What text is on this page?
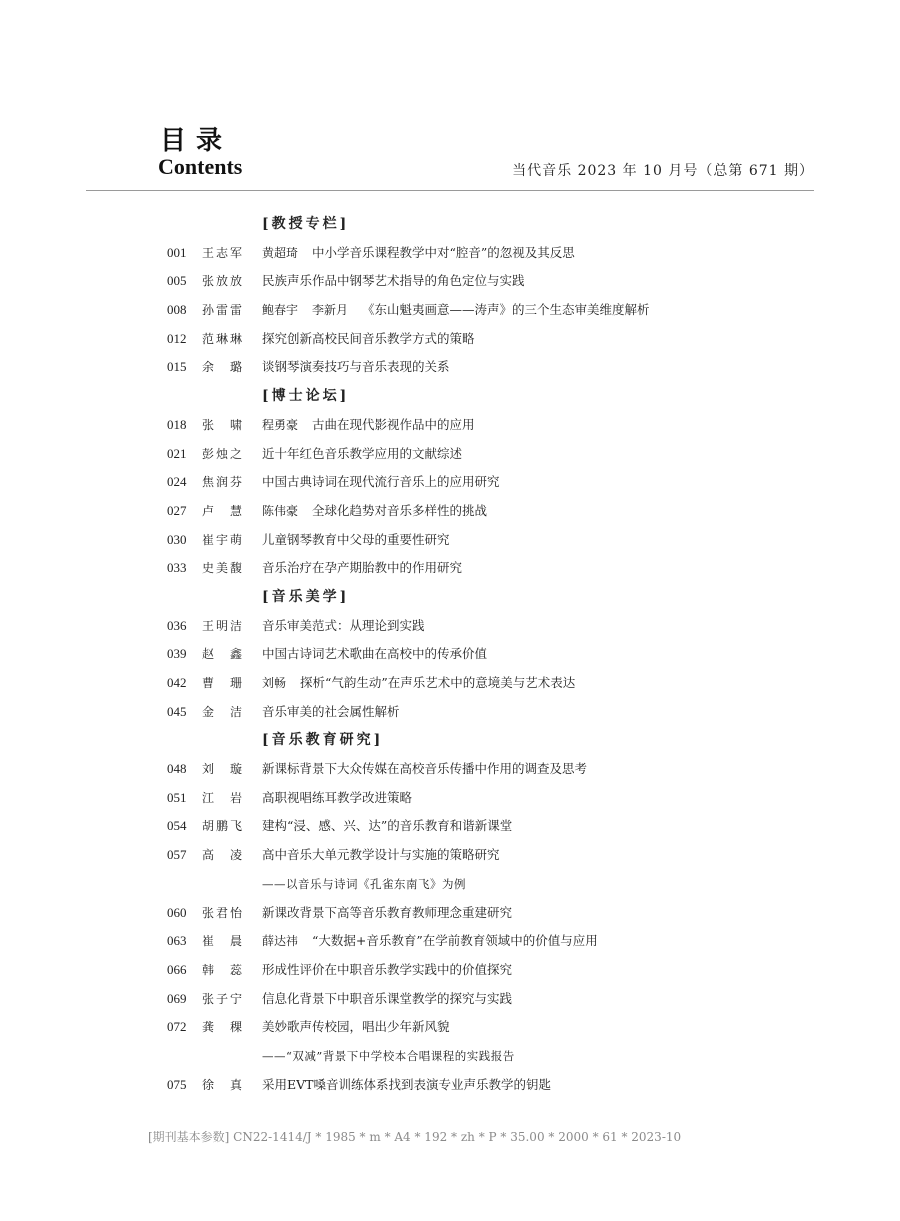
目录
Contents	当代音乐 2023 年 10 月号（总第 671 期）
[教授专栏]
001 王志军 黄超琦 中小学音乐课程教学中对“腔音”的忽视及其反思
005 张放放 民族声乐作品中钢琴艺术指导的角色定位与实践
008 孙雷雷 鲍春宇 李新月 《东山魁夷画意——涛声》的三个生态审美维度解析
012 范琳琳 探究创新高校民间音乐教学方式的策略
015 余璐 谈钢琴演奏技巧与音乐表现的关系
[博士论坛]
018 张啸 程勇豪 古曲在现代影视作品中的应用
021 彭烛之 近十年红色音乐教学应用的文献综述
024 焦润芬 中国古典诗词在现代流行音乐上的应用研究
027 卢慧 陈伟豪 全球化趋势对音乐多样性的挑战
030 崔宇萌 儿童钢琴教育中父母的重要性研究
033 史美馥 音乐治疗在孕产期胎教中的作用研究
[音乐美学]
036 王明洁 音乐审美范式：从理论到实践
039 赵鑫 中国古诗词艺术歌曲在高校中的传承价值
042 曹珊 刘畅 探析“气韵生动”在声乐艺术中的意境美与艺术表达
045 金洁 音乐审美的社会属性解析
[音乐教育研究]
048 刘璇 新课标背景下大众传媒在高校音乐传播中作用的调查及思考
051 江岩 高职视唱练耳教学改进策略
054 胡鹏飞 建构“浸、感、兴、达”的音乐教育和谐新课堂
057 高凌 高中音乐大单元教学设计与实施的策略研究
——以音乐与诗词《孔雀东南飞》为例
060 张君怡 新课改背景下高等音乐教育教师理念重建研究
063 崔晨 薛达祎 “大数据+音乐教育”在学前教育领域中的价值与应用
066 韩蕊 形成性评价在中职音乐教学实践中的价值探究
069 张子宁 信息化背景下中职音乐课堂教学的探究与实践
072 龚稞 美妙歌声传校园，唱出少年新风貌
——“双减”背景下中学校本合唱课程的实践报告
075 徐真 采用EVT嗓音训练体系找到表演专业声乐教学的钥匙
[期刊基本参数] CN22-1414/J * 1985 * m * A4 * 192 * zh * P * 35.00 * 2000 * 61 * 2023-10
